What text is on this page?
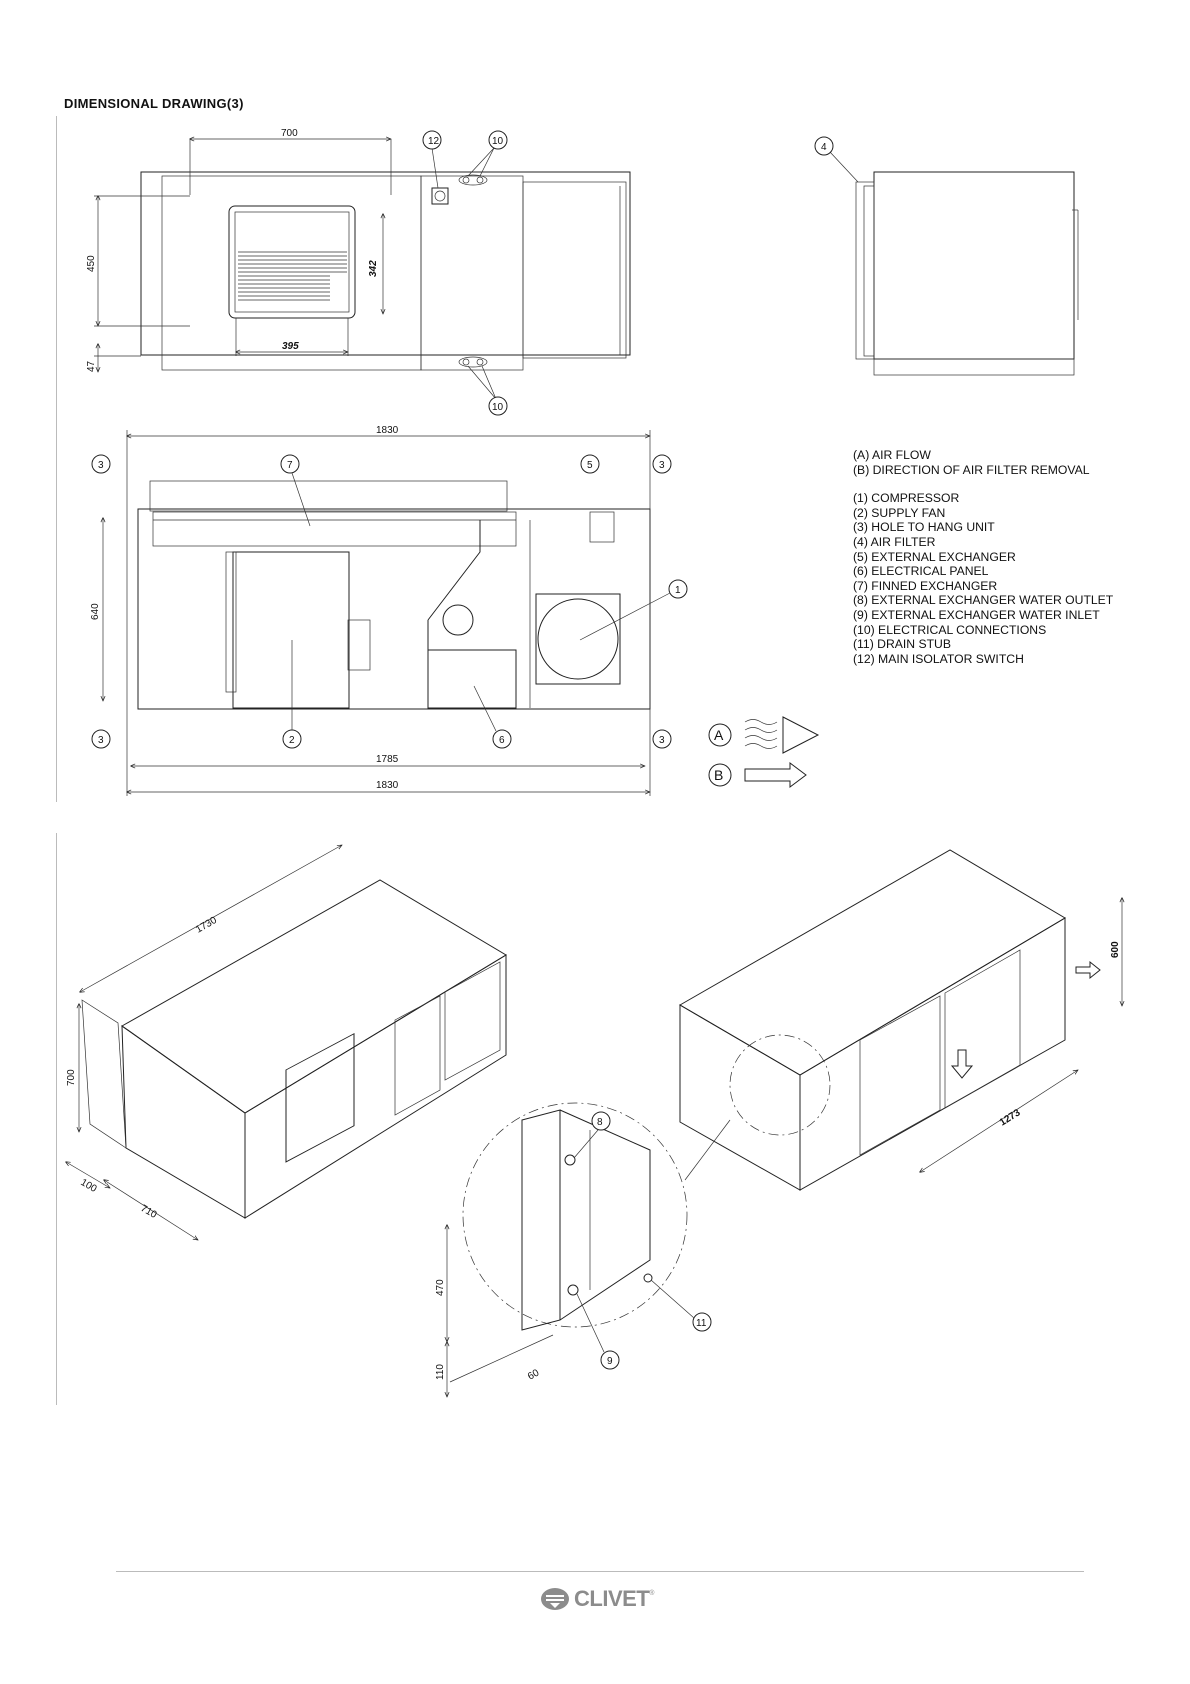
DIMENSIONAL DRAWING(3)
700
450	342
395
47
12	10
10
4
1830
640
1785
1830
3	7	5	3
1
3	2	6	3	A
B
1730
700
100
710
600
1273
470
110	60
8
9
11
(A) AIR FLOW
(B) DIRECTION OF AIR FILTER REMOVAL
(1) COMPRESSOR
(2) SUPPLY FAN
(3) HOLE TO HANG UNIT
(4) AIR FILTER
(5) EXTERNAL EXCHANGER
(6) ELECTRICAL PANEL
(7) FINNED EXCHANGER
(8) EXTERNAL EXCHANGER WATER OUTLET
(9) EXTERNAL EXCHANGER WATER INLET
(10) ELECTRICAL CONNECTIONS
(11) DRAIN STUB
(12) MAIN ISOLATOR SWITCH
CLIVET ®
